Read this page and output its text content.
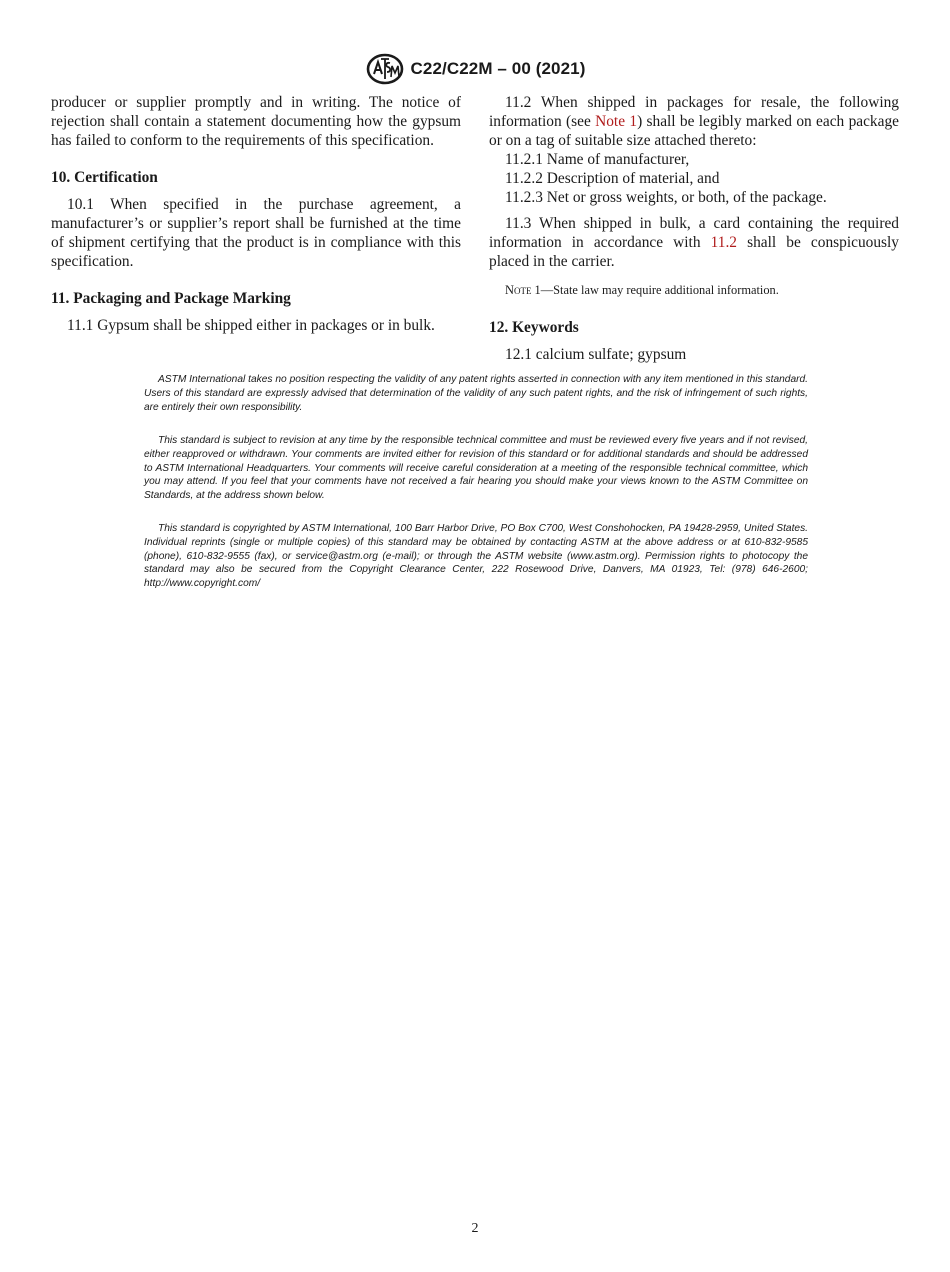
C22/C22M – 00 (2021)

producer or supplier promptly and in writing. The notice of rejection shall contain a statement documenting how the gypsum has failed to conform to the requirements of this specification.

10. Certification

10.1 When specified in the purchase agreement, a manufacturer’s or supplier’s report shall be furnished at the time of shipment certifying that the product is in compliance with this specification.

11. Packaging and Package Marking

11.1 Gypsum shall be shipped either in packages or in bulk.

11.2 When shipped in packages for resale, the following information (see Note 1) shall be legibly marked on each package or on a tag of suitable size attached thereto:

11.2.1 Name of manufacturer,

11.2.2 Description of material, and

11.2.3 Net or gross weights, or both, of the package.

11.3 When shipped in bulk, a card containing the required information in accordance with 11.2 shall be conspicuously placed in the carrier.

Note 1—State law may require additional information.

12. Keywords

12.1 calcium sulfate; gypsum

ASTM International takes no position respecting the validity of any patent rights asserted in connection with any item mentioned in this standard. Users of this standard are expressly advised that determination of the validity of any such patent rights, and the risk of infringement of such rights, are entirely their own responsibility.

This standard is subject to revision at any time by the responsible technical committee and must be reviewed every five years and if not revised, either reapproved or withdrawn. Your comments are invited either for revision of this standard or for additional standards and should be addressed to ASTM International Headquarters. Your comments will receive careful consideration at a meeting of the responsible technical committee, which you may attend. If you feel that your comments have not received a fair hearing you should make your views known to the ASTM Committee on Standards, at the address shown below.

This standard is copyrighted by ASTM International, 100 Barr Harbor Drive, PO Box C700, West Conshohocken, PA 19428-2959, United States. Individual reprints (single or multiple copies) of this standard may be obtained by contacting ASTM at the above address or at 610-832-9585 (phone), 610-832-9555 (fax), or service@astm.org (e-mail); or through the ASTM website (www.astm.org). Permission rights to photocopy the standard may also be secured from the Copyright Clearance Center, 222 Rosewood Drive, Danvers, MA 01923, Tel: (978) 646-2600; http://www.copyright.com/

2
